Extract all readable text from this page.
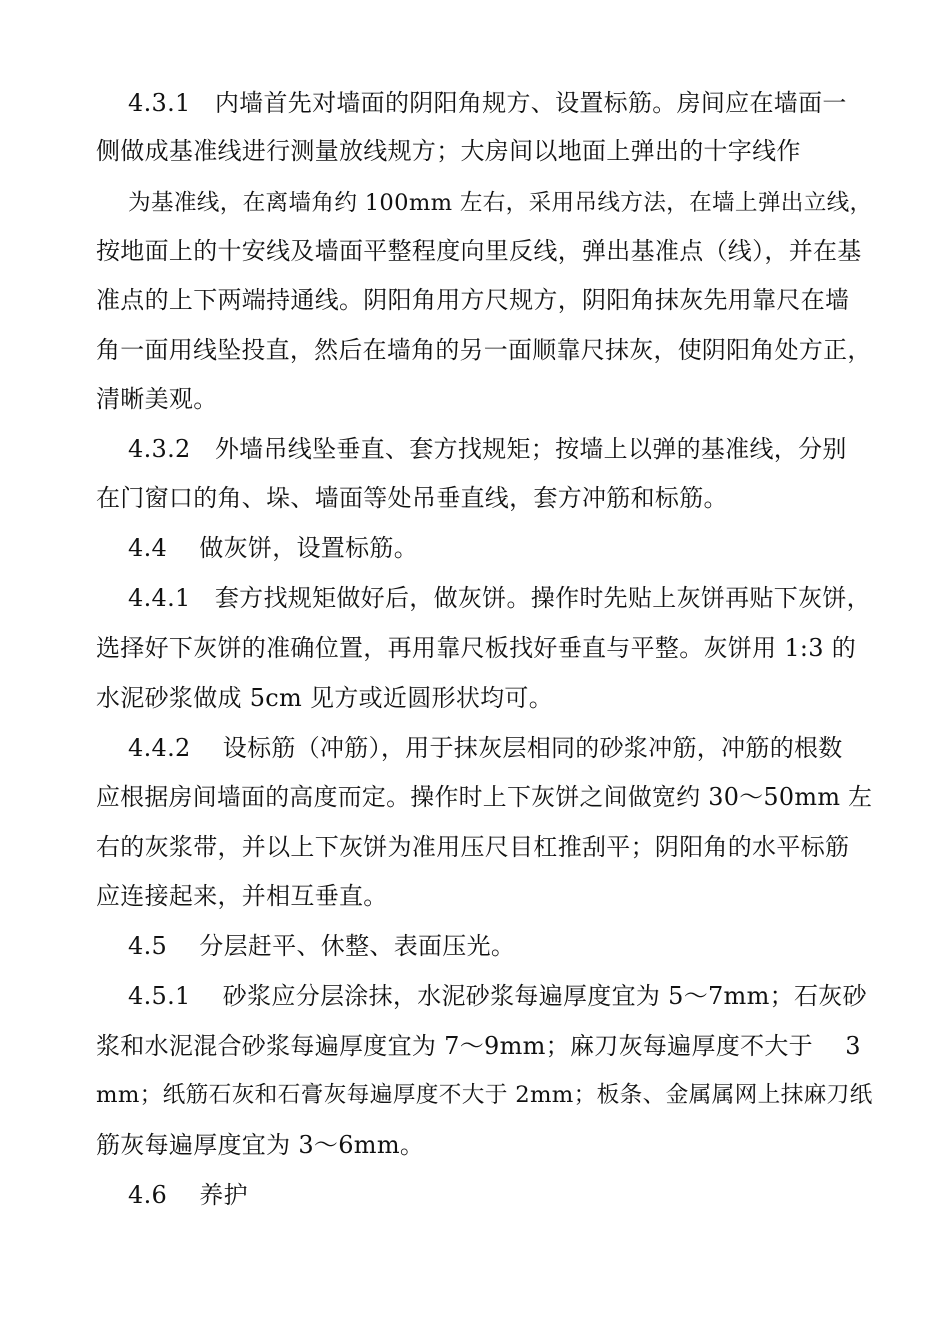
4.3.1　内墙首先对墙面的阴阳角规方、设置标筋。房间应在墙面一
侧做成基准线进行测量放线规方；大房间以地面上弹出的十字线作
为基准线，在离墙角约 100mm 左右，采用吊线方法，在墙上弹出立线，
按地面上的十安线及墙面平整程度向里反线，弹出基准点（线），并在基
准点的上下两端持通线。阴阳角用方尺规方，阴阳角抹灰先用靠尺在墙
角一面用线坠投直，然后在墙角的另一面顺靠尺抹灰，使阴阳角处方正，
清晰美观。
4.3.2　外墙吊线坠垂直、套方找规矩；按墙上以弹的基准线，分别
在门窗口的角、垛、墙面等处吊垂直线，套方冲筋和标筋。
4.4　 做灰饼，设置标筋。
4.4.1　套方找规矩做好后，做灰饼。操作时先贴上灰饼再贴下灰饼，
选择好下灰饼的准确位置，再用靠尺板找好垂直与平整。灰饼用 1:3 的
水泥砂浆做成 5cm 见方或近圆形状均可。
4.4.2　 设标筋（冲筋），用于抹灰层相同的砂浆冲筋，冲筋的根数
应根据房间墙面的高度而定。操作时上下灰饼之间做宽约 30～50mm 左
右的灰浆带，并以上下灰饼为准用压尺目杠推刮平；阴阳角的水平标筋
应连接起来，并相互垂直。
4.5　 分层赶平、休整、表面压光。
4.5.1　 砂浆应分层涂抹，水泥砂浆每遍厚度宜为 5～7mm；石灰砂
浆和水泥混合砂浆每遍厚度宜为 7～9mm；麻刀灰每遍厚度不大于　 3
mm；纸筋石灰和石膏灰每遍厚度不大于 2mm；板条、金属属网上抹麻刀纸
筋灰每遍厚度宜为 3～6mm。
4.6　 养护
